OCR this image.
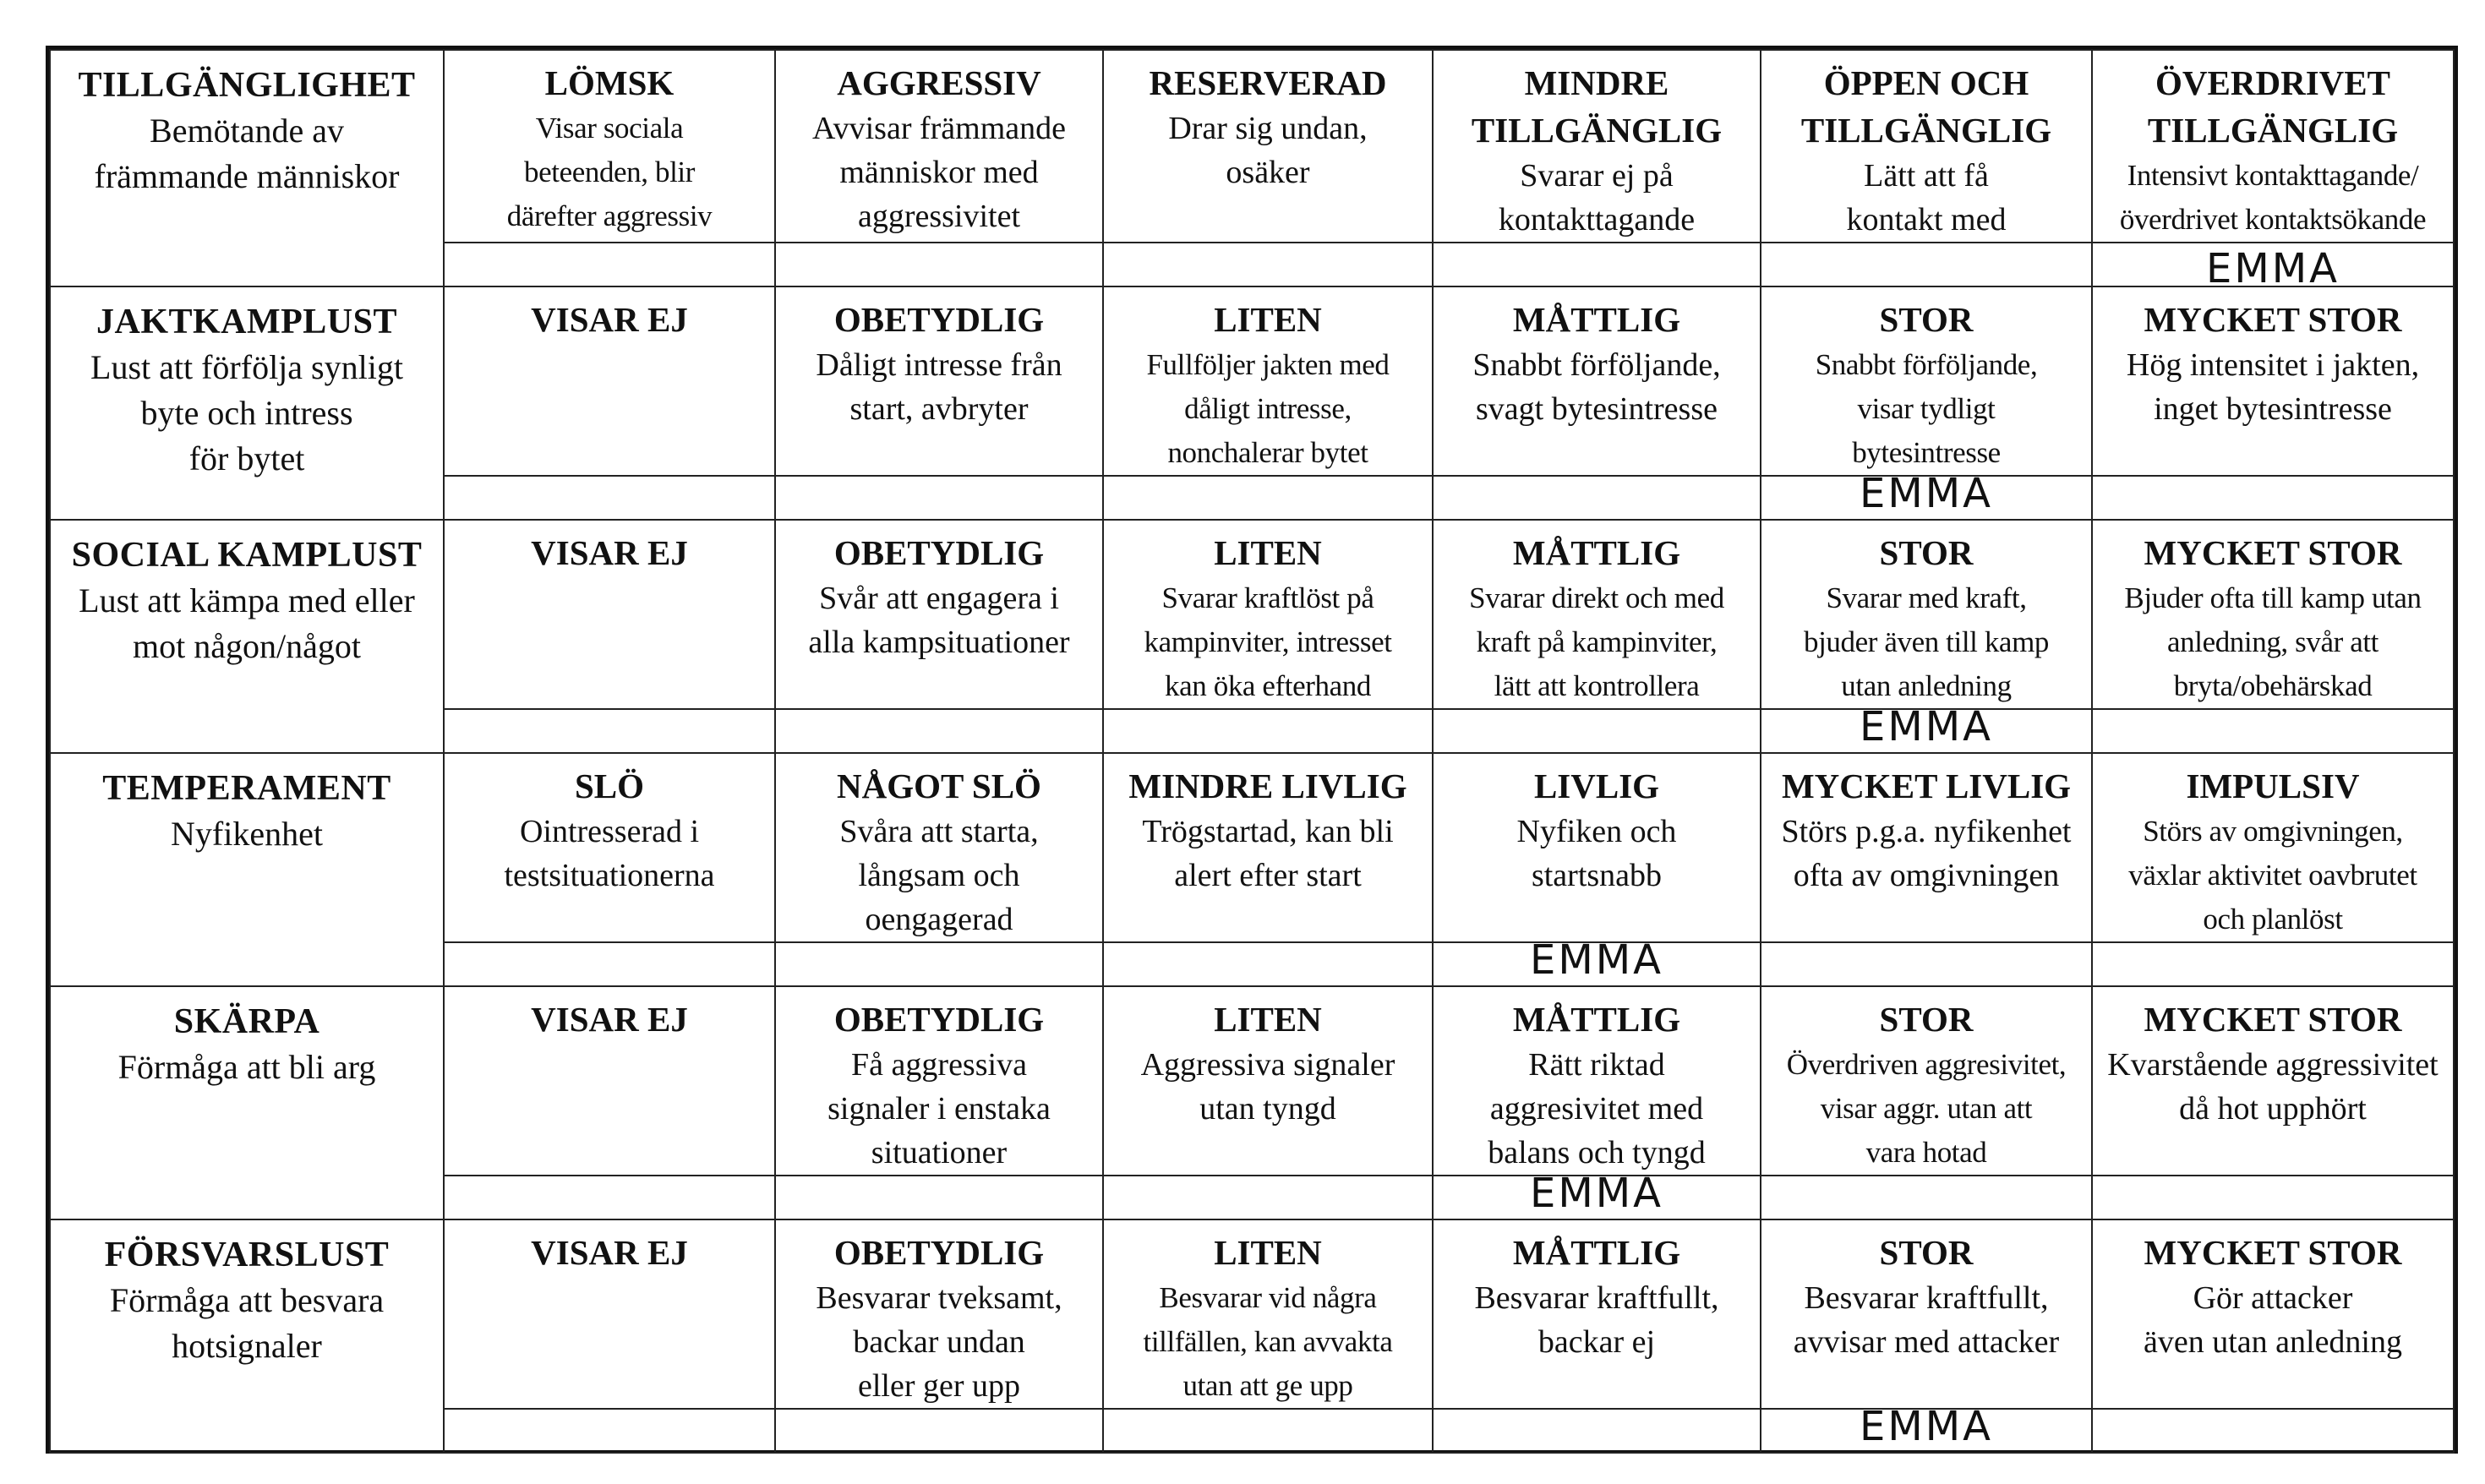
TILLGÄNGLIGHET
Bemötande av
främmande människor	LÖMSK
Visar sociala
beteenden, blir
därefter aggressiv	AGGRESSIV
Avvisar främmande
människor med
aggressivitet	RESERVERAD
Drar sig undan,
osäker	MINDRE
TILLGÄNGLIG
Svarar ej på
kontakttagande	ÖPPEN OCH
TILLGÄNGLIG
Lätt att få
kontakt med	ÖVERDRIVET
TILLGÄNGLIG
Intensivt kontakttagande/
överdrivet kontaktsökande

						EMMA

JAKTKAMPLUST
Lust att förfölja synligt
byte och intress
för bytet	VISAR EJ	OBETYDLIG
Dåligt intresse från
start, avbryter	LITEN
Fullföljer jakten med
dåligt intresse,
nonchalerar bytet	MÅTTLIG
Snabbt förföljande,
svagt bytesintresse	STOR
Snabbt förföljande,
visar tydligt
bytesintresse	MYCKET STOR
Hög intensitet i jakten,
inget bytesintresse

					EMMA	

SOCIAL KAMPLUST
Lust att kämpa med eller
mot någon/något	VISAR EJ	OBETYDLIG
Svår att engagera i
alla kampsituationer	LITEN
Svarar kraftlöst på
kampinviter, intresset
kan öka efterhand	MÅTTLIG
Svarar direkt och med
kraft på kampinviter,
lätt att kontrollera	STOR
Svarar med kraft,
bjuder även till kamp
utan anledning	MYCKET STOR
Bjuder ofta till kamp utan
anledning, svår att
bryta/obehärskad

					EMMA	

TEMPERAMENT
Nyfikenhet	SLÖ
Ointresserad i
testsituationerna	NÅGOT SLÖ
Svåra att starta,
långsam och
oengagerad	MINDRE LIVLIG
Trögstartad, kan bli
alert efter start	LIVLIG
Nyfiken och
startsnabb	MYCKET LIVLIG
Störs p.g.a. nyfikenhet
ofta av omgivningen	IMPULSIV
Störs av omgivningen,
växlar aktivitet oavbrutet
och planlöst

				EMMA		

SKÄRPA
Förmåga att bli arg	VISAR EJ	OBETYDLIG
Få aggressiva
signaler i enstaka
situationer	LITEN
Aggressiva signaler
utan tyngd	MÅTTLIG
Rätt riktad
aggresivitet med
balans och tyngd	STOR
Överdriven aggresivitet,
visar aggr. utan att
vara hotad	MYCKET STOR
Kvarstående aggressivitet
då hot upphört

				EMMA		

FÖRSVARSLUST
Förmåga att besvara
hotsignaler	VISAR EJ	OBETYDLIG
Besvarar tveksamt,
backar undan
eller ger upp	LITEN
Besvarar vid några
tillfällen, kan avvakta
utan att ge upp	MÅTTLIG
Besvarar kraftfullt,
backar ej	STOR
Besvarar kraftfullt,
avvisar med attacker	MYCKET STOR
Gör attacker
även utan anledning

					EMMA	
